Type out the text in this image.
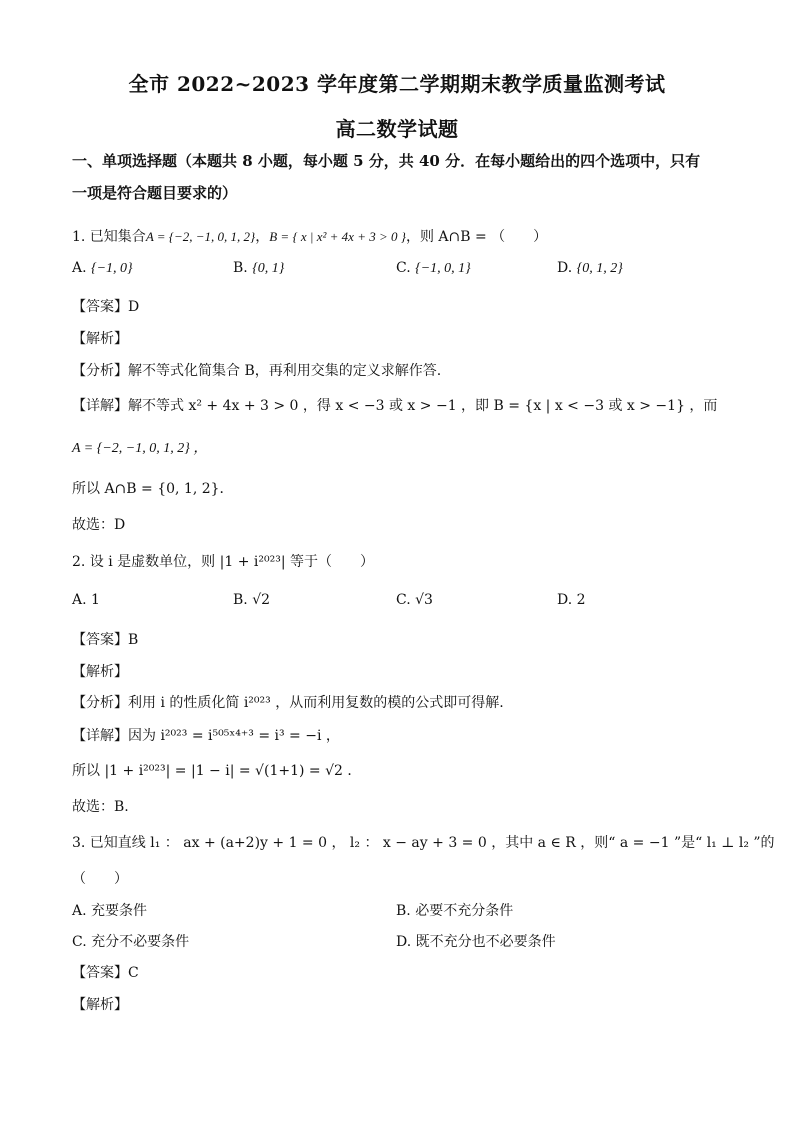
全市 2022~2023 学年度第二学期期末教学质量监测考试
高二数学试题
一、单项选择题（本题共 8 小题，每小题 5 分，共 40 分．在每小题给出的四个选项中，只有
一项是符合题目要求的）
1. 已知集合A = {−2, −1, 0, 1, 2}，B = { x | x² + 4x + 3 > 0 }，则 A∩B = （　　）
A. {−1, 0}	B. {0, 1}	C. {−1, 0, 1}	D. {0, 1, 2}
【答案】D
【解析】
【分析】解不等式化简集合 B，再利用交集的定义求解作答.
【详解】解不等式 x² + 4x + 3 > 0 ，得 x < −3 或 x > −1 ，即 B = {x | x < −3 或 x > −1} ，而
A = {−2, −1, 0, 1, 2} ，
所以 A∩B = {0, 1, 2}．
故选：D
2. 设 i 是虚数单位，则 |1 + i²⁰²³| 等于（　　）
A. 1	B. √2	C. √3	D. 2
【答案】B
【解析】
【分析】利用 i 的性质化简 i²⁰²³ ，从而利用复数的模的公式即可得解.
【详解】因为 i²⁰²³ = i⁵⁰⁵ˣ⁴⁺³ = i³ = −i ，
所以 |1 + i²⁰²³| = |1 − i| = √(1+1) = √2 ．
故选：B.
3. 已知直线 l₁ ： ax + (a+2)y + 1 = 0 ， l₂ ： x − ay + 3 = 0 ，其中 a ∈ R ，则“ a = −1 ”是“ l₁ ⊥ l₂ ”的
（　　）
A. 充要条件	B. 必要不充分条件
C. 充分不必要条件	D. 既不充分也不必要条件
【答案】C
【解析】
